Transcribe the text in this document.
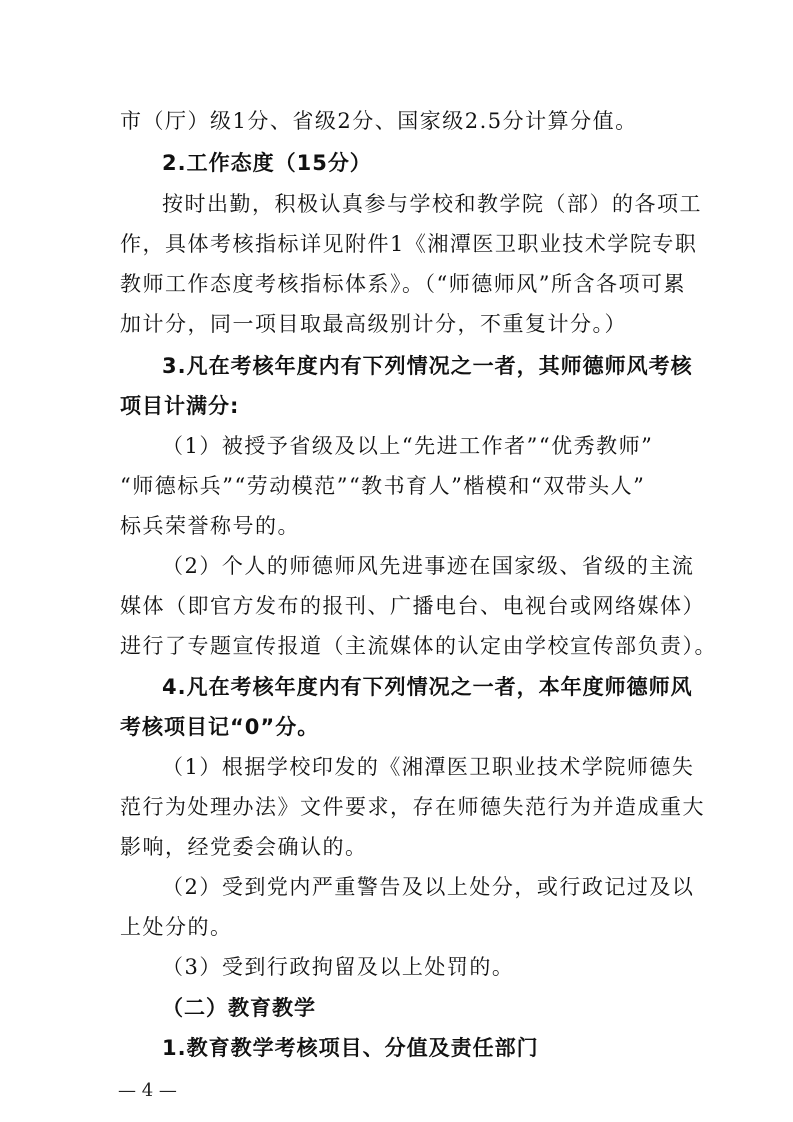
市（厅）级1分、省级2分、国家级2.5分计算分值。
2.工作态度（15分）
按时出勤，积极认真参与学校和教学院（部）的各项工
作，具体考核指标详见附件1《湘潭医卫职业技术学院专职
教师工作态度考核指标体系》。（“师德师风”所含各项可累
加计分，同一项目取最高级别计分，不重复计分。）
3.凡在考核年度内有下列情况之一者，其师德师风考核
项目计满分:
（1）被授予省级及以上“先进工作者”“优秀教师”
“师德标兵”“劳动模范”“教书育人”楷模和“双带头人”
标兵荣誉称号的。
（2）个人的师德师风先进事迹在国家级、省级的主流
媒体（即官方发布的报刊、广播电台、电视台或网络媒体）
进行了专题宣传报道（主流媒体的认定由学校宣传部负责）。
4.凡在考核年度内有下列情况之一者，本年度师德师风
考核项目记“0”分。
（1）根据学校印发的《湘潭医卫职业技术学院师德失
范行为处理办法》文件要求，存在师德失范行为并造成重大
影响，经党委会确认的。
（2）受到党内严重警告及以上处分，或行政记过及以
上处分的。
（3）受到行政拘留及以上处罚的。
（二）教育教学
1.教育教学考核项目、分值及责任部门
— 4 —
